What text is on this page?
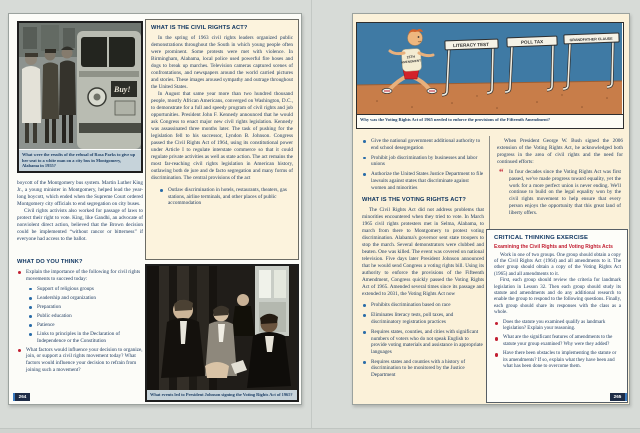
Buy!
What were the results of the refusal of Rosa Parks to give up her seat to a white man on a city bus in Montgomery, Alabama in 1955?

boycott of the Montgomery bus system. Martin Luther King Jr., a young minister in Montgomery, helped lead the year-long boycott, which ended when the Supreme Court ordered Montgomery city officials to end segregation on city buses.

Civil rights activists also worked for passage of laws to protect their right to vote. King, like Gandhi, an advocate of nonviolent direct action, believed that the Brown decision could be implemented “without rancor or bitterness” if everyone had access to the ballot.

WHAT DO YOU THINK?
Explain the importance of the following for civil rights movements to succeed today:
Support of religious groups
Leadership and organization
Preparation
Public education
Patience
Links to principles in the Declaration of Independence or the Constitution
What factors would influence your decision to organize, join, or support a civil rights movement today? What factors would influence your decision to refrain from joining such a movement?
WHAT IS THE CIVIL RIGHTS ACT?

In the spring of 1963 civil rights leaders organized public demonstrations throughout the South in which young people often were prominent. Some protests were met with violence. In Birmingham, Alabama, local police used powerful fire hoses and dogs to break up marches. Television cameras captured scenes of confrontations, and newspapers around the world carried pictures and stories. These images aroused sympathy and outrage throughout the United States.

In August that same year more than two hundred thousand people, mostly African Americans, converged on Washington, D.C., to demonstrate for a full and speedy program of civil rights and job opportunities. President John F. Kennedy announced that he would ask Congress to enact major new civil rights legislation. Kennedy was assassinated three months later. The task of pushing for the legislation fell to his successor, Lyndon B. Johnson. Congress passed the Civil Rights Act of 1964, using its constitutional power under Article I to regulate interstate commerce so that it could regulate private activities as well as state action. The act remains the most far-reaching civil rights legislation in American history, outlawing both de jure and de facto segregation and many forms of discrimination. The central provisions of the act

Outlaw discrimination in hotels, restaurants, theaters, gas stations, airline terminals, and other places of public accommodation
What events led to President Johnson signing the Voting Rights Act of 1965?
264
LITERACY TEST	POLL TAX	GRANDFATHER CLAUSE
15TH
AMENDMENT
Why was the Voting Rights Act of 1965 needed to enforce the provisions of the Fifteenth Amendment?
Give the national government additional authority to end school desegregation
Prohibit job discrimination by businesses and labor unions
Authorize the United States Justice Department to file lawsuits against states that discriminate against women and minorities
WHAT IS THE VOTING RIGHTS ACT?

The Civil Rights Act did not address problems that minorities encountered when they tried to vote. In March 1965 civil rights protesters met in Selma, Alabama, to march from there to Montgomery to protest voting discrimination. Alabama's governor sent state troopers to stop the march. Several demonstrators were clubbed and beaten. One was killed. The event was covered on national television. Five days later President Johnson announced that he would send Congress a voting rights bill. Using its authority to enforce the provisions of the Fifteenth Amendment, Congress quickly passed the Voting Rights Act of 1965. Amended several times since its passage and extended to 2031, the Voting Rights Act now

Prohibits discrimination based on race
Eliminates literacy tests, poll taxes, and discriminatory registration practices
Requires states, counties, and cities with significant numbers of voters who do not speak English to provide voting materials and assistance in appropriate languages
Requires states and counties with a history of discrimination to be monitored by the Justice Department

When President George W. Bush signed the 2006 extension of the Voting Rights Act, he acknowledged both progress in the area of civil rights and the need for continued efforts:

“ In four decades since the Voting Rights Act was first passed, we've made progress toward equality, yet the work for a more perfect union is never ending. We'll continue to build on the legal equality won by the civil rights movement to help ensure that every person enjoys the opportunity that this great land of liberty offers.
CRITICAL THINKING EXERCISE
Examining the Civil Rights and Voting Rights Acts

Work in one of two groups. One group should obtain a copy of the Civil Rights Act (1964) and all amendments to it. The other group should obtain a copy of the Voting Rights Act (1965) and all amendments to it.

First, each group should review the criteria for landmark legislation in Lesson 32. Then each group should study its statute and amendments and do any additional research to enable the group to respond to the following questions. Finally, each group should share its responses with the class as a whole.

Does the statute you examined qualify as landmark legislation? Explain your reasoning.
What are the significant features of amendments to the statute your group examined? Why were they added?
Have there been obstacles to implementing the statute or its amendments? If so, explain what they have been and what has been done to overcome them.
265
